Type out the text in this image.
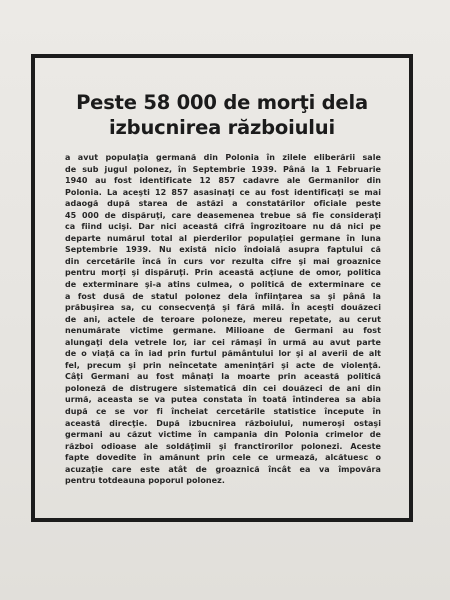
Peste 58 000 de morţi dela
izbucnirea războiului
a avut populaţia germană din Polonia în zilele eliberării sale
de sub jugul polonez, în Septembrie 1939. Până la 1 Februarie
1940 au fost identificate 12 857 cadavre ale Germanilor din
Polonia. La aceşti 12 857 asasinaţi ce au fost identificaţi se mai
adaogă după starea de astăzi a constatărilor oficiale peste
45 000 de dispăruţi, care deasemenea trebue să fie consideraţi
ca fiind ucişi. Dar nici această cifră îngrozitoare nu dă nici pe
departe numărul total al pierderilor populaţiei germane în luna
Septembrie 1939. Nu există nicio îndoială asupra faptului că
din cercetările încă în curs vor rezulta cifre şi mai groaznice
pentru morţi şi dispăruţi. Prin această acţiune de omor, politica
de exterminare şi-a atins culmea, o politică de exterminare ce
a fost dusă de statul polonez dela înfiinţarea sa şi până la
prăbuşirea sa, cu consecvenţă şi fără milă. În aceşti douăzeci
de ani, actele de teroare poloneze, mereu repetate, au cerut
nenumărate victime germane. Milioane de Germani au fost
alungaţi dela vetrele lor, iar cei rămaşi în urmă au avut parte
de o viaţă ca în iad prin furtul pământului lor şi al averii de alt
fel, precum şi prin neîncetate ameninţări şi acte de violenţă.
Câţi Germani au fost mânaţi la moarte prin această politică
poloneză de distrugere sistematică din cei douăzeci de ani din
urmă, aceasta se va putea constata în toată întinderea sa abia
după ce se vor fi încheiat cercetările statistice începute în
această direcţie. După izbucnirea războiului, numeroşi ostaşi
germani au căzut victime în campania din Polonia crimelor de
război odioase ale soldăţimii şi franctirorilor polonezi. Aceste
fapte dovedite în amănunt prin cele ce urmează, alcătuesc o
acuzaţie care este atât de groaznică încât ea va împovăra
pentru totdeauna poporul polonez.
